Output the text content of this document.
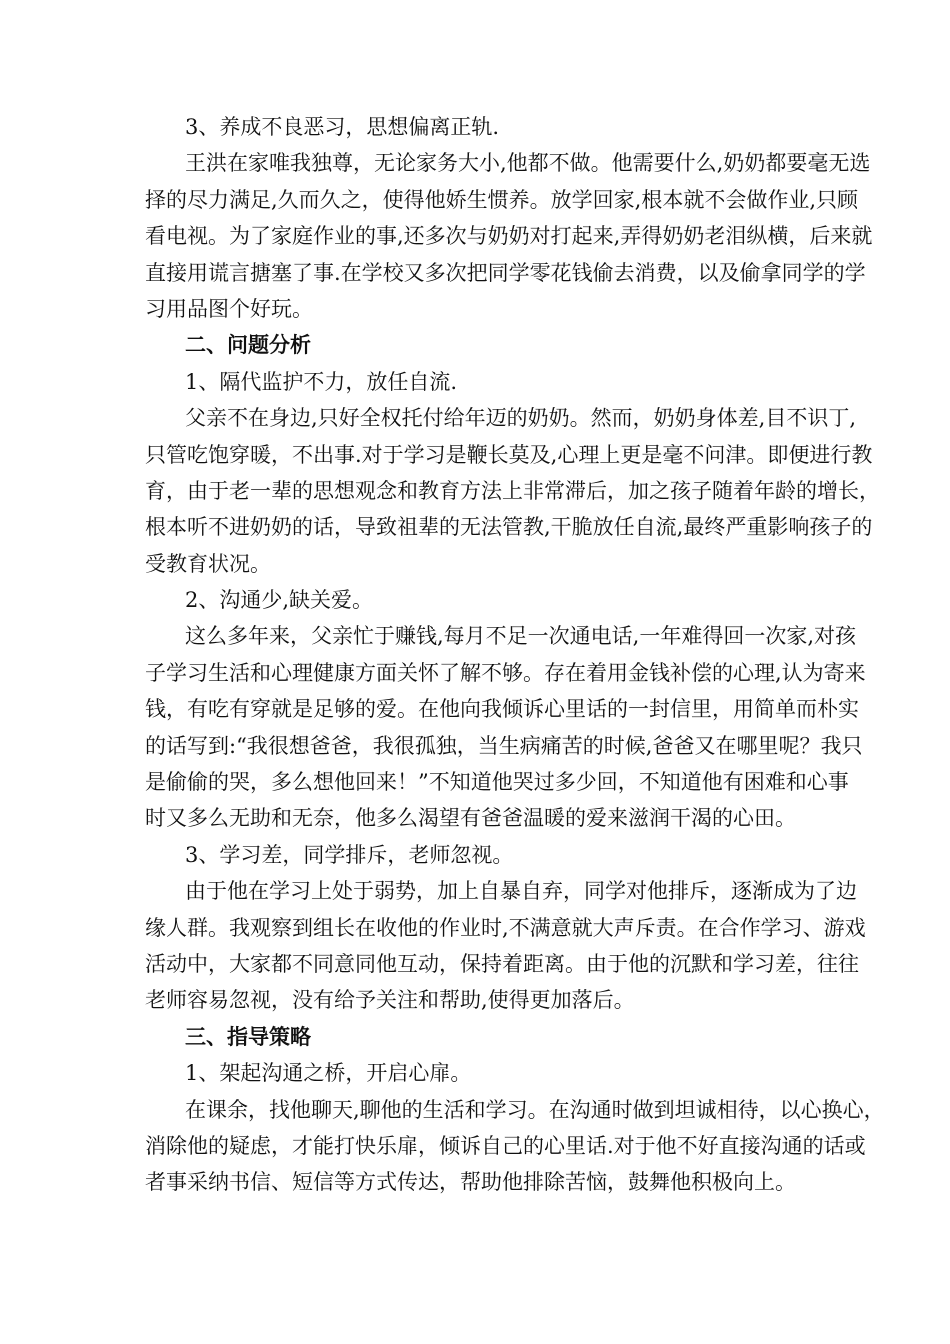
3、养成不良恶习，思想偏离正轨.
王洪在家唯我独尊，无论家务大小,他都不做。他需要什么,奶奶都要毫无选
择的尽力满足,久而久之，使得他娇生惯养。放学回家,根本就不会做作业,只顾
看电视。为了家庭作业的事,还多次与奶奶对打起来,弄得奶奶老泪纵横，后来就
直接用谎言搪塞了事.在学校又多次把同学零花钱偷去消费，以及偷拿同学的学
习用品图个好玩。
二、问题分析
1、隔代监护不力，放任自流.
父亲不在身边,只好全权托付给年迈的奶奶。然而，奶奶身体差,目不识丁,
只管吃饱穿暖，不出事.对于学习是鞭长莫及,心理上更是毫不问津。即便进行教
育，由于老一辈的思想观念和教育方法上非常滞后，加之孩子随着年龄的增长，
根本听不进奶奶的话，导致祖辈的无法管教,干脆放任自流,最终严重影响孩子的
受教育状况。
2、沟通少,缺关爱。
这么多年来，父亲忙于赚钱,每月不足一次通电话,一年难得回一次家,对孩
子学习生活和心理健康方面关怀了解不够。存在着用金钱补偿的心理,认为寄来
钱，有吃有穿就是足够的爱。在他向我倾诉心里话的一封信里，用简单而朴实
的话写到:“我很想爸爸，我很孤独，当生病痛苦的时候,爸爸又在哪里呢？我只
是偷偷的哭，多么想他回来！”不知道他哭过多少回，不知道他有困难和心事
时又多么无助和无奈，他多么渴望有爸爸温暖的爱来滋润干渴的心田。
3、学习差，同学排斥，老师忽视。
由于他在学习上处于弱势，加上自暴自弃，同学对他排斥，逐渐成为了边
缘人群。我观察到组长在收他的作业时,不满意就大声斥责。在合作学习、游戏
活动中，大家都不同意同他互动，保持着距离。由于他的沉默和学习差，往往
老师容易忽视，没有给予关注和帮助,使得更加落后。
三、指导策略
1、架起沟通之桥，开启心扉。
在课余，找他聊天,聊他的生活和学习。在沟通时做到坦诚相待，以心换心，
消除他的疑虑，才能打快乐扉，倾诉自己的心里话.对于他不好直接沟通的话或
者事采纳书信、短信等方式传达，帮助他排除苦恼，鼓舞他积极向上。
